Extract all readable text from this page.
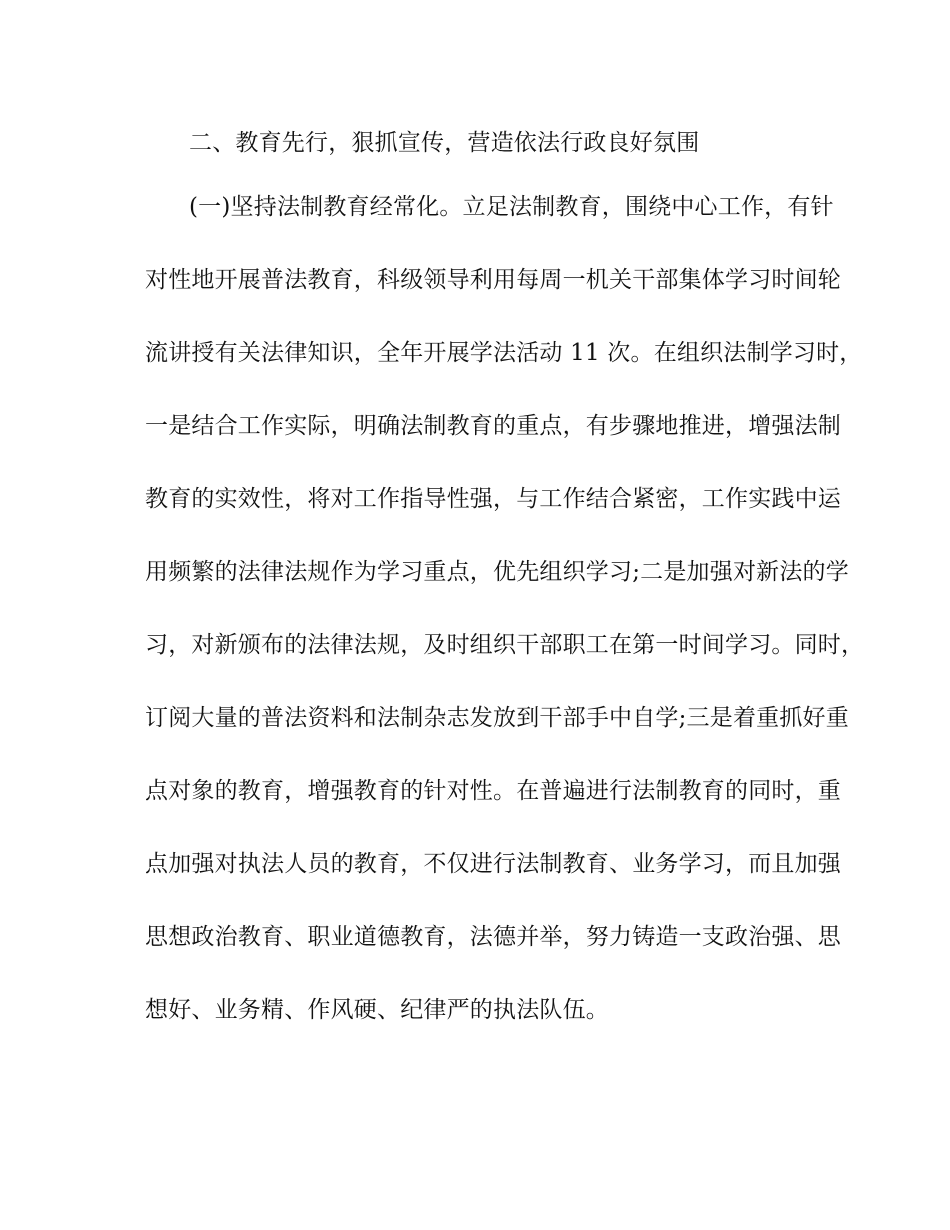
二、教育先行，狠抓宣传，营造依法行政良好氛围
(一)坚持法制教育经常化。立足法制教育，围绕中心工作，有针
对性地开展普法教育，科级领导利用每周一机关干部集体学习时间轮
流讲授有关法律知识，全年开展学法活动 11 次。在组织法制学习时，
一是结合工作实际，明确法制教育的重点，有步骤地推进，增强法制
教育的实效性，将对工作指导性强，与工作结合紧密，工作实践中运
用频繁的法律法规作为学习重点，优先组织学习;二是加强对新法的学
习，对新颁布的法律法规，及时组织干部职工在第一时间学习。同时，
订阅大量的普法资料和法制杂志发放到干部手中自学;三是着重抓好重
点对象的教育，增强教育的针对性。在普遍进行法制教育的同时，重
点加强对执法人员的教育，不仅进行法制教育、业务学习，而且加强
思想政治教育、职业道德教育，法德并举，努力铸造一支政治强、思
想好、业务精、作风硬、纪律严的执法队伍。
